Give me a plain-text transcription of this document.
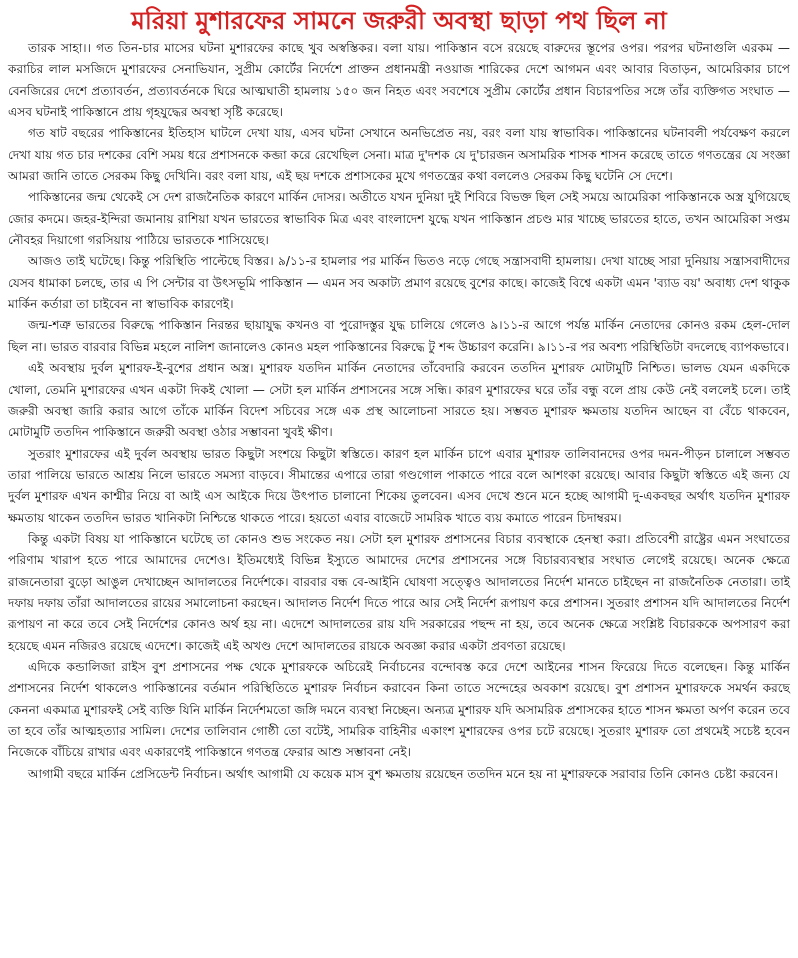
মরিয়া মুশারফের সামনে জরুরী অবস্থা ছাড়া পথ ছিল না

তারক সাহা।। গত তিন-চার মাসের ঘটনা মুশারফের কাছে খুব অস্বস্তিকর। বলা যায়। পাকিস্তান বসে রয়েছে বারুদের স্তূপের ওপর। পরপর ঘটনাগুলি এরকম — করাচির লাল মসজিদে মুশারফের সেনাভিযান, সুপ্রীম কোর্টের নির্দেশে প্রাক্তন প্রধানমন্ত্রী নওয়াজ শারিকের দেশে আগমন এবং আবার বিতাড়ন, আমেরিকার চাপে বেনজিরের দেশে প্রত্যাবর্তন, প্রত্যাবর্তনকে ঘিরে আত্মঘাতী হামলায় ১৫০ জন নিহত এবং সবশেষে সুপ্রীম কোর্টের প্রধান বিচারপতির সঙ্গে তাঁর ব্যক্তিগত সংঘাত — এসব ঘটনাই পাকিস্তানে প্রায় গৃহযুদ্ধের অবস্থা সৃষ্টি করেছে।

গত ষাট বছরের পাকিস্তানের ইতিহাস ঘাটলে দেখা যায়, এসব ঘটনা সেখানে অনভিপ্রেত নয়, বরং বলা যায় স্বাভাবিক। পাকিস্তানের ঘটনাবলী পর্যবেক্ষণ করলে দেখা যায় গত চার দশকের বেশি সময় ধরে প্রশাসনকে কব্জা করে রেখেছিল সেনা। মাত্র দু'দশক যে দু'চারজন অসামরিক শাসক শাসন করেছে তাতে গণতন্ত্রের যে সংজ্ঞা আমরা জানি তাতে সেরকম কিছু দেখিনি। বরং বলা যায়, এই ছয় দশকে প্রশাসকের মুখে গণতন্ত্রের কথা বললেও সেরকম কিছু ঘটেনি সে দেশে।

পাকিস্তানের জন্ম থেকেই সে দেশ রাজনৈতিক কারণে মার্কিন দোসর। অতীতে যখন দুনিয়া দুই শিবিরে বিভক্ত ছিল সেই সময়ে আমেরিকা পাকিস্তানকে অস্ত্র যুগিয়েছে জোর কদমে। জহর-ইন্দিরা জমানায় রাশিয়া যখন ভারতের স্বাভাবিক মিত্র এবং বাংলাদেশ যুদ্ধে যখন পাকিস্তান প্রচণ্ড মার খাচ্ছে ভারতের হাতে, তখন আমেরিকা সপ্তম নৌবহর দিয়াগো গরসিয়ায় পাঠিয়ে ভারতকে শাসিয়েছে।

আজও তাই ঘটেছে। কিন্তু পরিস্থিতি পাল্টেছে বিস্তর। ৯/১১-র হামলার পর মার্কিন ভিতও নড়ে গেছে সন্ত্রাসবাদী হামলায়। দেখা যাচ্ছে সারা দুনিয়ায় সন্ত্রাসবাদীদের যেসব ধামাকা চলছে, তার এ পি সেন্টার বা উৎসভূমি পাকিস্তান — এমন সব অকাট্য প্রমাণ রয়েছে বুশের কাছে। কাজেই বিশ্বে একটা এমন 'ব্যাড বয়' অবাধ্য দেশ থাকুক মার্কিন কর্তারা তা চাইবেন না স্বাভাবিক কারণেই।

জন্ম-শত্রু ভারতের বিরুদ্ধে পাকিস্তান নিরন্তর ছায়াযুদ্ধ কখনও বা পুরোদস্তুর যুদ্ধ চালিয়ে গেলেও ৯।১১-র আগে পর্যন্ত মার্কিন নেতাদের কোনও রকম হেল-দোল ছিল না। ভারত বারবার বিভিন্ন মহলে নালিশ জানালেও কোনও মহল পাকিস্তানের বিরুদ্ধে টু শব্দ উচ্চারণ করেনি। ৯।১১-র পর অবশ্য পরিস্থিতিটা বদলেছে ব্যাপকভাবে।

এই অবস্থায় দুর্বল মুশারফ-ই-বুশের প্রধান অস্ত্র। মুশারফ যতদিন মার্কিন নেতাদের তাঁবেদারি করবেন ততদিন মুশারফ মোটামুটি নিশ্চিত। ভালভ যেমন একদিকে খোলা, তেমনি মুশারফের এখন একটা দিকই খোলা — সেটা হল মার্কিন প্রশাসনের সঙ্গে সন্ধি। কারণ মুশারফের ঘরে তাঁর বন্ধু বলে প্রায় কেউ নেই বললেই চলে। তাই জরুরী অবস্থা জারি করার আগে তাঁকে মার্কিন বিদেশ সচিবের সঙ্গে এক প্রস্থ আলোচনা সারতে হয়। সম্ভবত মুশারফ ক্ষমতায় যতদিন আছেন বা বেঁচে থাকবেন, মোটামুটি ততদিন পাকিস্তানে জরুরী অবস্থা ওঠার সম্ভাবনা খুবই ক্ষীণ।

সুতরাং মুশারফের এই দুর্বল অবস্থায় ভারত কিছুটা সংশয়ে কিছুটা স্বস্তিতে। কারণ হল মার্কিন চাপে এবার মুশারফ তালিবানদের ওপর দমন-পীড়ন চালালে সম্ভবত তারা পালিয়ে ভারতে আশ্রয় নিলে ভারতে সমস্যা বাড়বে। সীমান্তের এপারে তারা গণ্ডগোল পাকাতে পারে বলে আশংকা রয়েছে। আবার কিছুটা স্বস্তিতে এই জন্য যে দুর্বল মুশারফ এখন কাশ্মীর নিয়ে বা আই এস আইকে দিয়ে উৎপাত চালানো শিকেয় তুলবেন। এসব দেখে শুনে মনে হচ্ছে আগামী দু-একবছর অর্থাৎ যতদিন মুশারফ ক্ষমতায় থাকেন ততদিন ভারত খানিকটা নিশ্চিন্তে থাকতে পারে। হয়তো এবার বাজেটে সামরিক খাতে ব্যয় কমাতে পারেন চিদাম্বরম।

কিন্তু একটা বিষয় যা পাকিস্তানে ঘটেছে তা কোনও শুভ সংকেত নয়। সেটা হল মুশারফ প্রশাসনের বিচার ব্যবস্থাকে হেনস্থা করা। প্রতিবেশী রাষ্ট্রের এমন সংঘাতের পরিণাম খারাপ হতে পারে আমাদের দেশেও। ইতিমধ্যেই বিভিন্ন ইস্যুতে আমাদের দেশের প্রশাসনের সঙ্গে বিচারব্যবস্থার সংঘাত লেগেই রয়েছে। অনেক ক্ষেত্রে রাজনেতারা বুড়ো আঙুল দেখাচ্ছেন আদালতের নির্দেশকে। বারবার বন্ধ বে-আইনি ঘোষণা সত্ত্বেও আদালতের নির্দেশ মানতে চাইছেন না রাজনৈতিক নেতারা। তাই দফায় দফায় তাঁরা আদালতের রায়ের সমালোচনা করছেন। আদালত নির্দেশ দিতে পারে আর সেই নির্দেশ রূপায়ণ করে প্রশাসন। সুতরাং প্রশাসন যদি আদালতের নির্দেশ রূপায়ণ না করে তবে সেই নির্দেশের কোনও অর্থ হয় না। এদেশে আদালতের রায় যদি সরকারের পছন্দ না হয়, তবে অনেক ক্ষেত্রে সংশ্লিষ্ট বিচারককে অপসারণ করা হয়েছে এমন নজিরও রয়েছে এদেশে। কাজেই এই অখণ্ড দেশে আদালতের রায়কে অবজ্ঞা করার একটা প্রবণতা রয়েছে।

এদিকে কন্ডালিজা রাইস বুশ প্রশাসনের পক্ষ থেকে মুশারফকে অচিরেই নির্বাচনের বন্দোবস্ত করে দেশে আইনের শাসন ফিরেয়ে দিতে বলেছেন। কিন্তু মার্কিন প্রশাসনের নির্দেশ থাকলেও পাকিস্তানের বর্তমান পরিস্থিতিতে মুশারফ নির্বাচন করাবেন কিনা তাতে সন্দেহের অবকাশ রয়েছে। বুশ প্রশাসন মুশারফকে সমর্থন করছে কেননা একমাত্র মুশারফই সেই ব্যক্তি যিনি মার্কিন নির্দেশমতো জঙ্গি দমনে ব্যবস্থা নিচ্ছেন। অন্যত্র মুশারফ যদি অসামরিক প্রশাসকের হাতে শাসন ক্ষমতা অর্পণ করেন তবে তা হবে তাঁর আত্মহত্যার সামিল। দেশের তালিবান গোষ্ঠী তো বটেই, সামরিক বাহিনীর একাংশ মুশারফের ওপর চটে রয়েছে। সুতরাং মুশারফ তো প্রথমেই সচেষ্ট হবেন নিজেকে বাঁচিয়ে রাখার এবং একারণেই পাকিস্তানে গণতন্ত্র ফেরার আশু সম্ভাবনা নেই।

আগামী বছরে মার্কিন প্রেসিডেন্ট নির্বাচন। অর্থাৎ আগামী যে কয়েক মাস বুশ ক্ষমতায় রয়েছেন ততদিন মনে হয় না মুশারফকে সরাবার তিনি কোনও চেষ্টা করবেন।
